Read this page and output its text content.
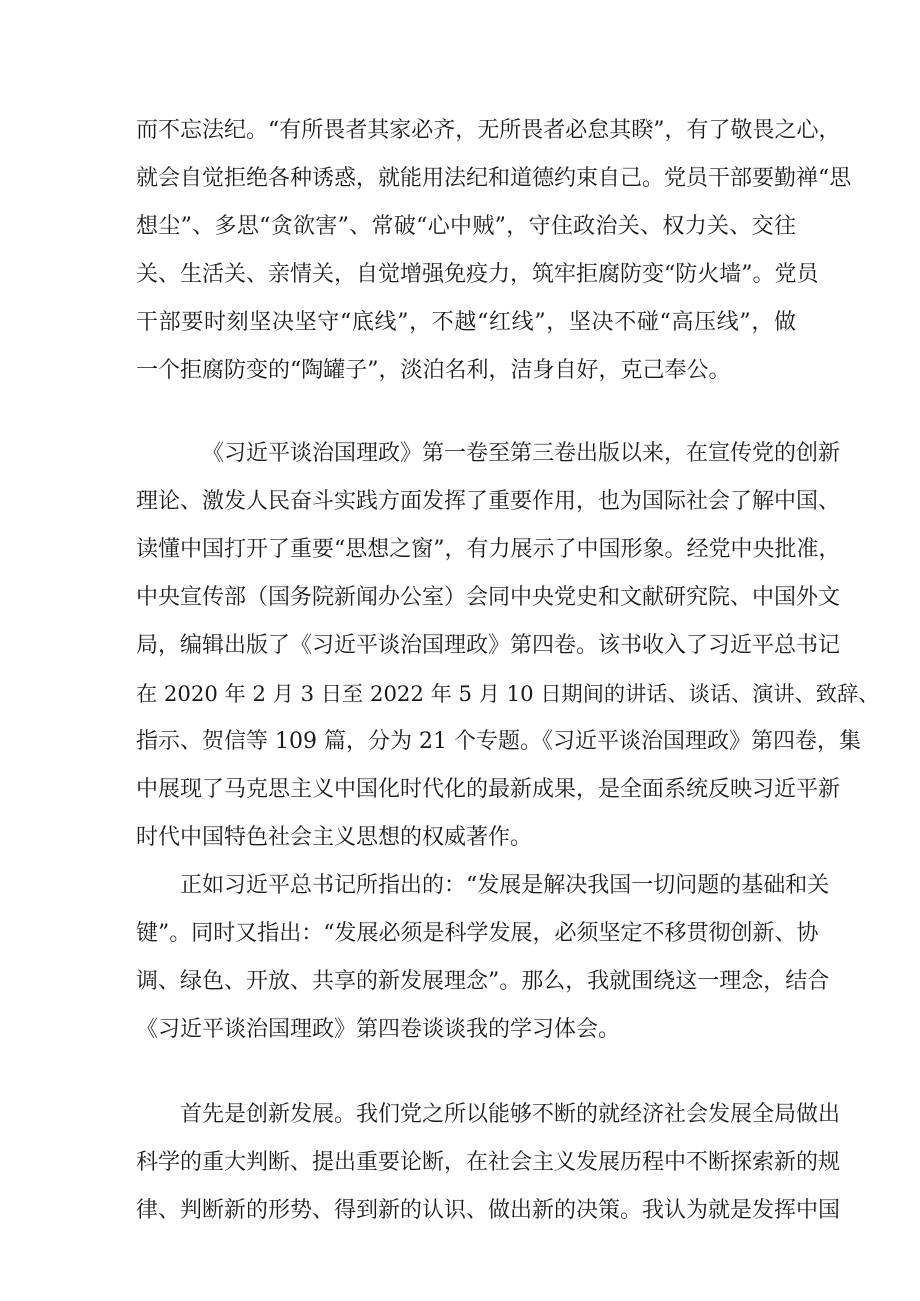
而不忘法纪。“有所畏者其家必齐，无所畏者必怠其睽”，有了敬畏之心，
就会自觉拒绝各种诱惑，就能用法纪和道德约束自己。党员干部要勤禅“思
想尘”、多思“贪欲害”、常破“心中贼”，守住政治关、权力关、交往
关、生活关、亲情关，自觉增强免疫力，筑牢拒腐防变“防火墙”。党员
干部要时刻坚决坚守“底线”，不越“红线”，坚决不碰“高压线”，做
一个拒腐防变的“陶罐子”，淡泊名利，洁身自好，克己奉公。
《习近平谈治国理政》第一卷至第三卷出版以来，在宣传党的创新
理论、激发人民奋斗实践方面发挥了重要作用，也为国际社会了解中国、
读懂中国打开了重要“思想之窗”，有力展示了中国形象。经党中央批准，
中央宣传部（国务院新闻办公室）会同中央党史和文献研究院、中国外文
局，编辑出版了《习近平谈治国理政》第四卷。该书收入了习近平总书记
在 2020 年 2 月 3 日至 2022 年 5 月 10 日期间的讲话、谈话、演讲、致辞、
指示、贺信等 109 篇，分为 21 个专题。《习近平谈治国理政》第四卷，集
中展现了马克思主义中国化时代化的最新成果，是全面系统反映习近平新
时代中国特色社会主义思想的权威著作。
正如习近平总书记所指出的：“发展是解决我国一切问题的基础和关
键”。同时又指出：“发展必须是科学发展，必须坚定不移贯彻创新、协
调、绿色、开放、共享的新发展理念”。那么，我就围绕这一理念，结合
《习近平谈治国理政》第四卷谈谈我的学习体会。
首先是创新发展。我们党之所以能够不断的就经济社会发展全局做出
科学的重大判断、提出重要论断，在社会主义发展历程中不断探索新的规
律、判断新的形势、得到新的认识、做出新的决策。我认为就是发挥中国
